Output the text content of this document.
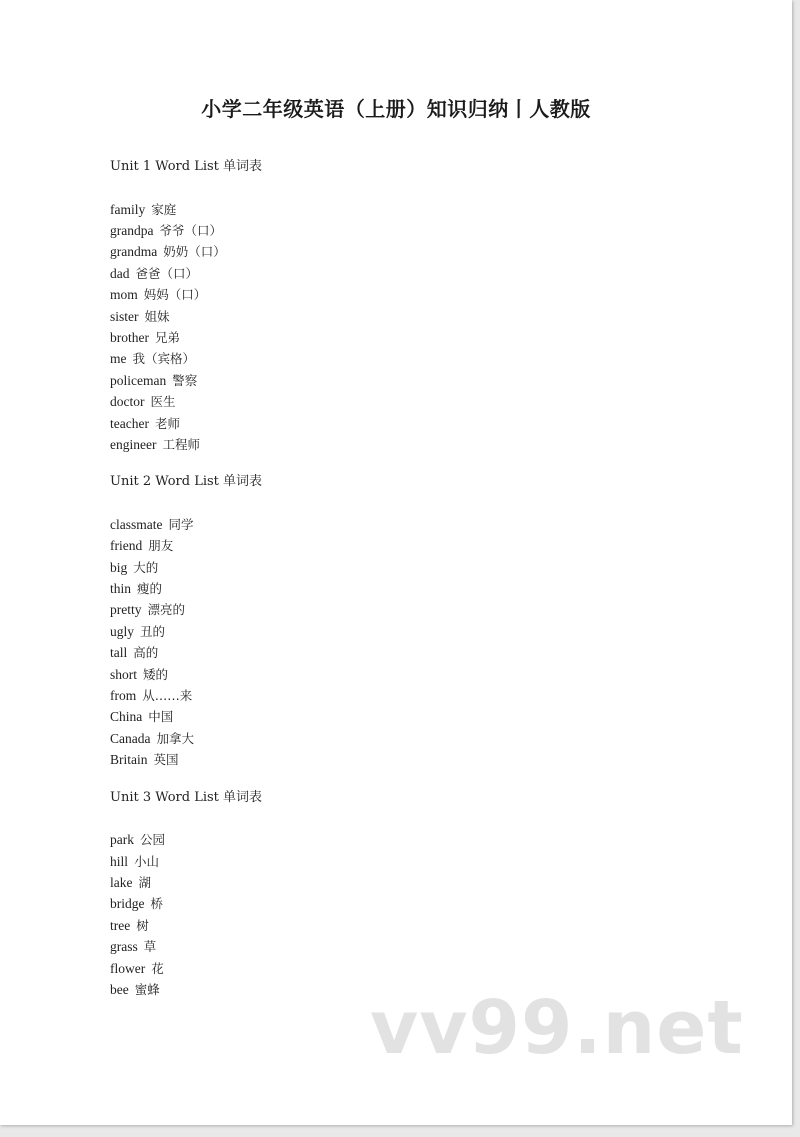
小学二年级英语（上册）知识归纳丨人教版
Unit 1 Word List 单词表
family 家庭
grandpa 爷爷（口）
grandma 奶奶（口）
dad 爸爸（口）
mom 妈妈（口）
sister 姐妹
brother 兄弟
me 我（宾格）
policeman 警察
doctor 医生
teacher 老师
engineer 工程师
Unit 2 Word List 单词表
classmate 同学
friend 朋友
big 大的
thin 瘦的
pretty 漂亮的
ugly 丑的
tall 高的
short 矮的
from 从……来
China 中国
Canada 加拿大
Britain 英国
Unit 3 Word List 单词表
park 公园
hill 小山
lake 湖
bridge 桥
tree 树
grass 草
flower 花
bee 蜜蜂	vv99.net
